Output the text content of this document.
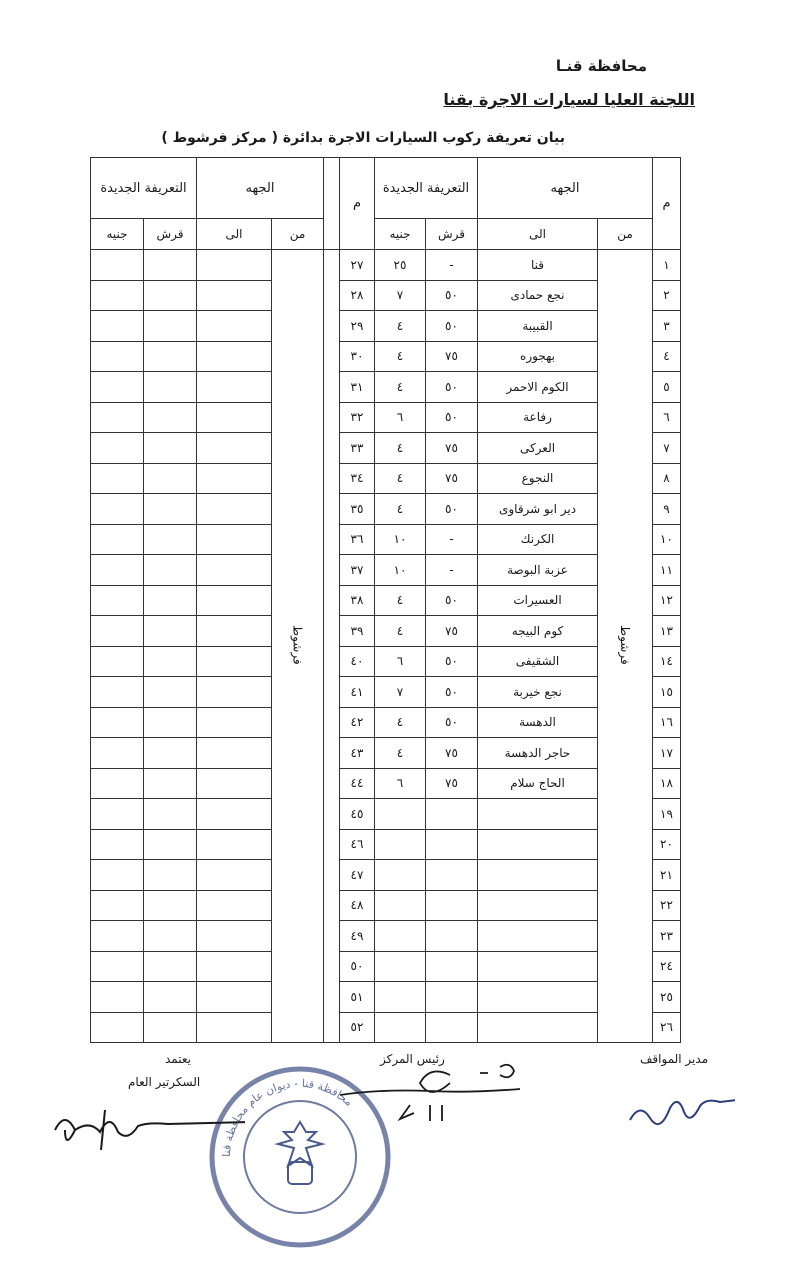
محافظة قنـا
اللجنة العليا لسيارات الاجرة بقنا
بيان تعريفة ركوب السيارات الاجرة بدائرة ( مركز فرشوط )
م	الجهه		التعريفة الجديدة		م		الجهه		التعريفة الجديدة	
	من	الى	قرش	جنيه			من	الى	قرش	جنيه
١	فرشوط	قنا	-	٢٥	٢٧		فرشوط			
٢		نجع حمادى	٥٠	٧	٢٨					
٣		القبيبة	٥٠	٤	٢٩					
٤		بهجوره	٧٥	٤	٣٠					
٥		الكوم الاحمر	٥٠	٤	٣١					
٦		رفاعة	٥٠	٦	٣٢					
٧		العركى	٧٥	٤	٣٣					
٨		النجوع	٧٥	٤	٣٤					
٩		دير ابو شرقاوى	٥٠	٤	٣٥					
١٠		الكرنك	-	١٠	٣٦					
١١		عزبة البوصة	-	١٠	٣٧					
١٢		العسيرات	٥٠	٤	٣٨					
١٣		كوم البيجه	٧٥	٤	٣٩					
١٤		الشقيفى	٥٠	٦	٤٠					
١٥		نجع خيربة	٥٠	٧	٤١					
١٦		الدهسة	٥٠	٤	٤٢					
١٧		حاجر الدهسة	٧٥	٤	٤٣					
١٨		الحاج سلام	٧٥	٦	٤٤					
١٩					٤٥					
٢٠					٤٦					
٢١					٤٧					
٢٢					٤٨					
٢٣					٤٩					
٢٤					٥٠					
٢٥					٥١					
٢٦					٥٢					
مدير المواقف
رئيس المركز
يعتمد
السكرتير العام
محافظة قنا - ديوان عام محافظة قنا
